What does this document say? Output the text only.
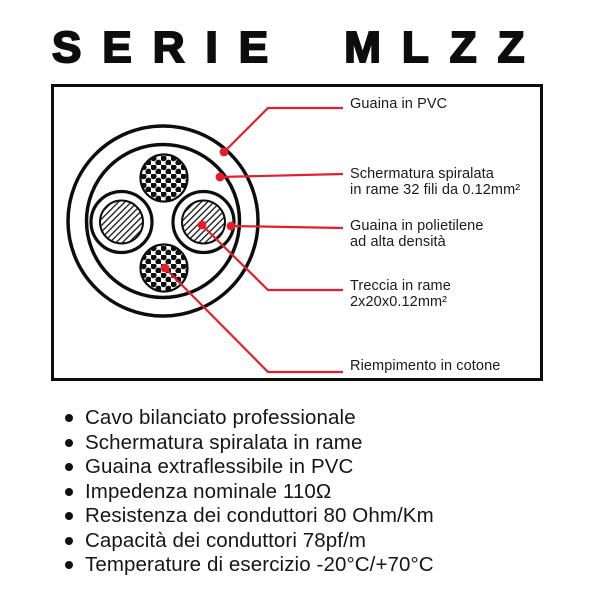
SERIE MLZZ
Guaina in PVC
Schermatura spiralata
in rame 32 fili da 0.12mm²
Guaina in polietilene
ad alta densità
Treccia in rame
2x20x0.12mm²
Riempimento in cotone
Cavo bilanciato professionale
Schermatura spiralata in rame
Guaina extraflessibile in PVC
Impedenza nominale 110Ω
Resistenza dei conduttori 80 Ohm/Km
Capacità dei conduttori 78pf/m
Temperature di esercizio -20°C/+70°C
